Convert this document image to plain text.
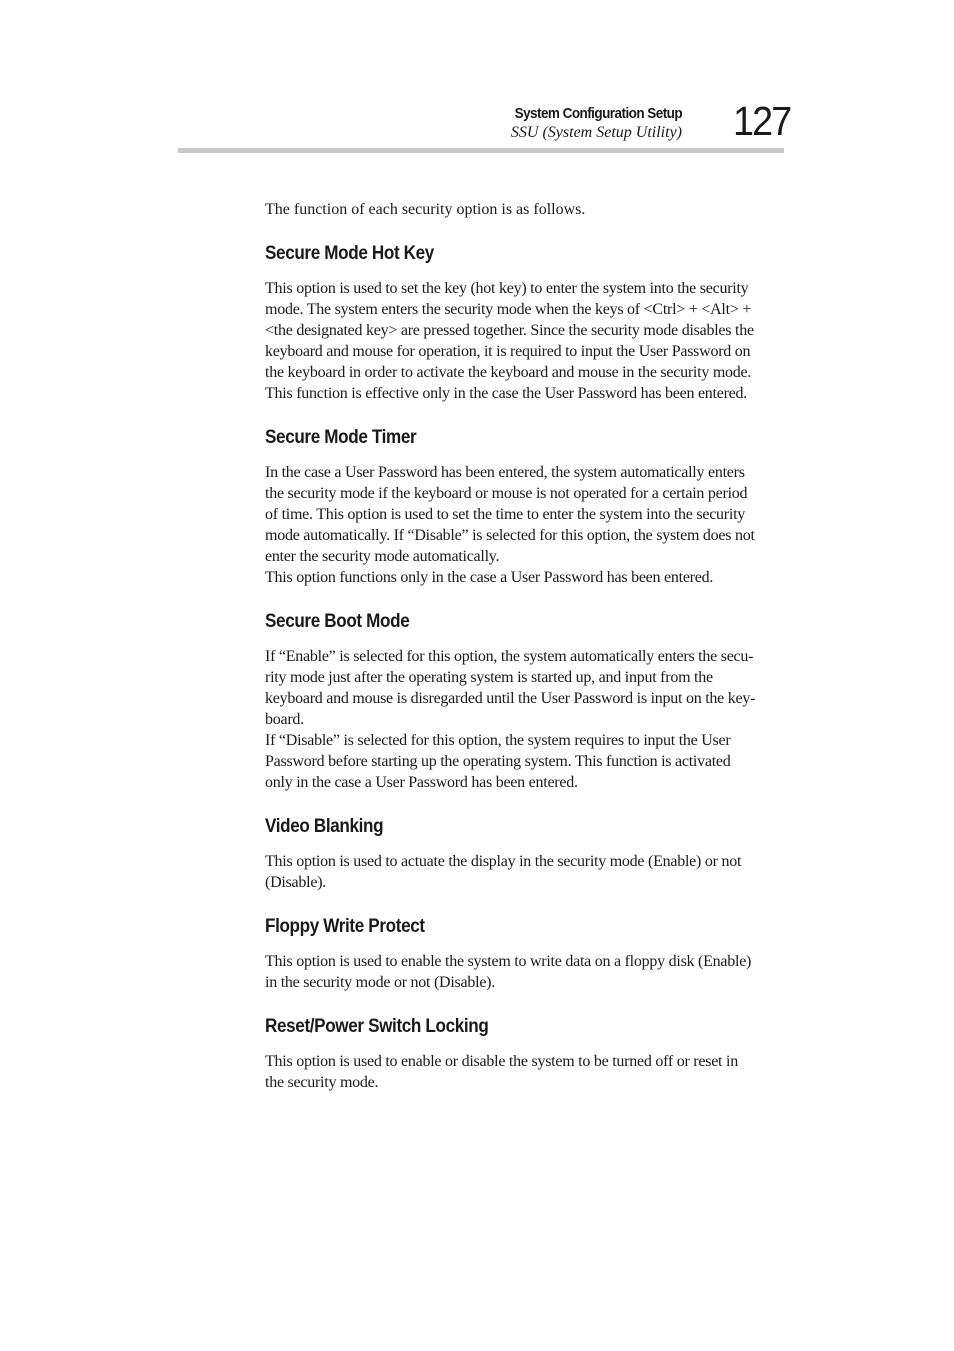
System Configuration Setup
SSU (System Setup Utility) 127

The function of each security option is as follows.

Secure Mode Hot Key

This option is used to set the key (hot key) to enter the system into the security
mode. The system enters the security mode when the keys of <Ctrl> + <Alt> +
<the designated key> are pressed together. Since the security mode disables the
keyboard and mouse for operation, it is required to input the User Password on
the keyboard in order to activate the keyboard and mouse in the security mode.
This function is effective only in the case the User Password has been entered.

Secure Mode Timer

In the case a User Password has been entered, the system automatically enters
the security mode if the keyboard or mouse is not operated for a certain period
of time. This option is used to set the time to enter the system into the security
mode automatically. If “Disable” is selected for this option, the system does not
enter the security mode automatically.
This option functions only in the case a User Password has been entered.

Secure Boot Mode

If “Enable” is selected for this option, the system automatically enters the secu-
rity mode just after the operating system is started up, and input from the
keyboard and mouse is disregarded until the User Password is input on the key-
board.
If “Disable” is selected for this option, the system requires to input the User
Password before starting up the operating system. This function is activated
only in the case a User Password has been entered.

Video Blanking

This option is used to actuate the display in the security mode (Enable) or not
(Disable).

Floppy Write Protect

This option is used to enable the system to write data on a floppy disk (Enable)
in the security mode or not (Disable).

Reset/Power Switch Locking

This option is used to enable or disable the system to be turned off or reset in
the security mode.
